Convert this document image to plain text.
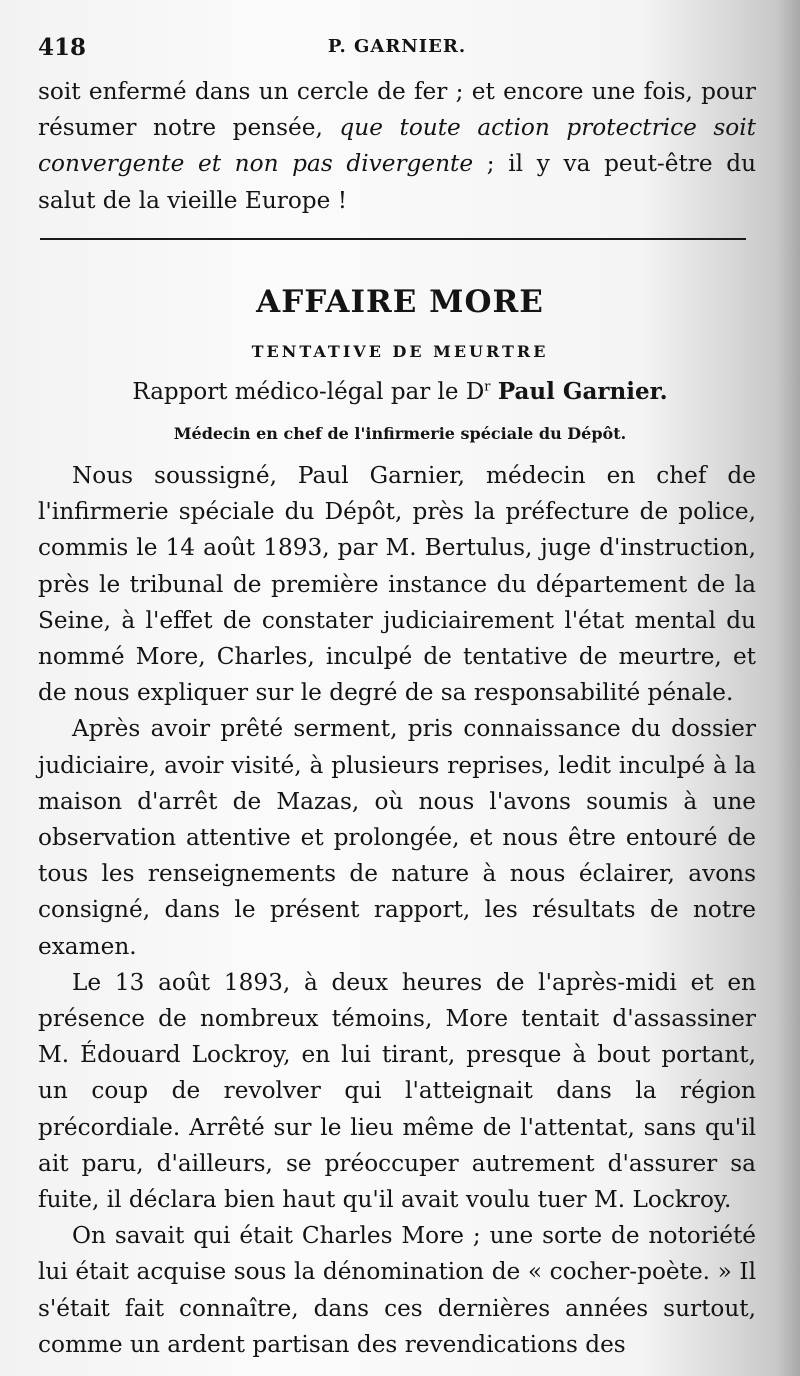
418	P. GARNIER.
soit enfermé dans un cercle de fer ; et encore une fois, pour résumer notre pensée, que toute action protectrice soit convergente et non pas divergente ; il y va peut-être du salut de la vieille Europe !
AFFAIRE MORE
TENTATIVE DE MEURTRE
Rapport médico-légal par le $D^r$ Paul Garnier.
Médecin en chef de l'infirmerie spéciale du Dépôt.

Nous soussigné, Paul Garnier, médecin en chef de l'infirmerie spéciale du Dépôt, près la préfecture de police, commis le 14 août 1893, par M. Bertulus, juge d'instruction, près le tribunal de première instance du département de la Seine, à l'effet de constater judiciairement l'état mental du nommé More, Charles, inculpé de tentative de meurtre, et de nous expliquer sur le degré de sa responsabilité pénale.

Après avoir prêté serment, pris connaissance du dossier judiciaire, avoir visité, à plusieurs reprises, ledit inculpé à la maison d'arrêt de Mazas, où nous l'avons soumis à une observation attentive et prolongée, et nous être entouré de tous les renseignements de nature à nous éclairer, avons consigné, dans le présent rapport, les résultats de notre examen.

Le 13 août 1893, à deux heures de l'après-midi et en présence de nombreux témoins, More tentait d'assassiner M. Édouard Lockroy, en lui tirant, presque à bout portant, un coup de revolver qui l'atteignait dans la région précordiale. Arrêté sur le lieu même de l'attentat, sans qu'il ait paru, d'ailleurs, se préoccuper autrement d'assurer sa fuite, il déclara bien haut qu'il avait voulu tuer M. Lockroy.

On savait qui était Charles More ; une sorte de notoriété lui était acquise sous la dénomination de « cocher-poète. » Il s'était fait connaître, dans ces dernières années surtout, comme un ardent partisan des revendications des
